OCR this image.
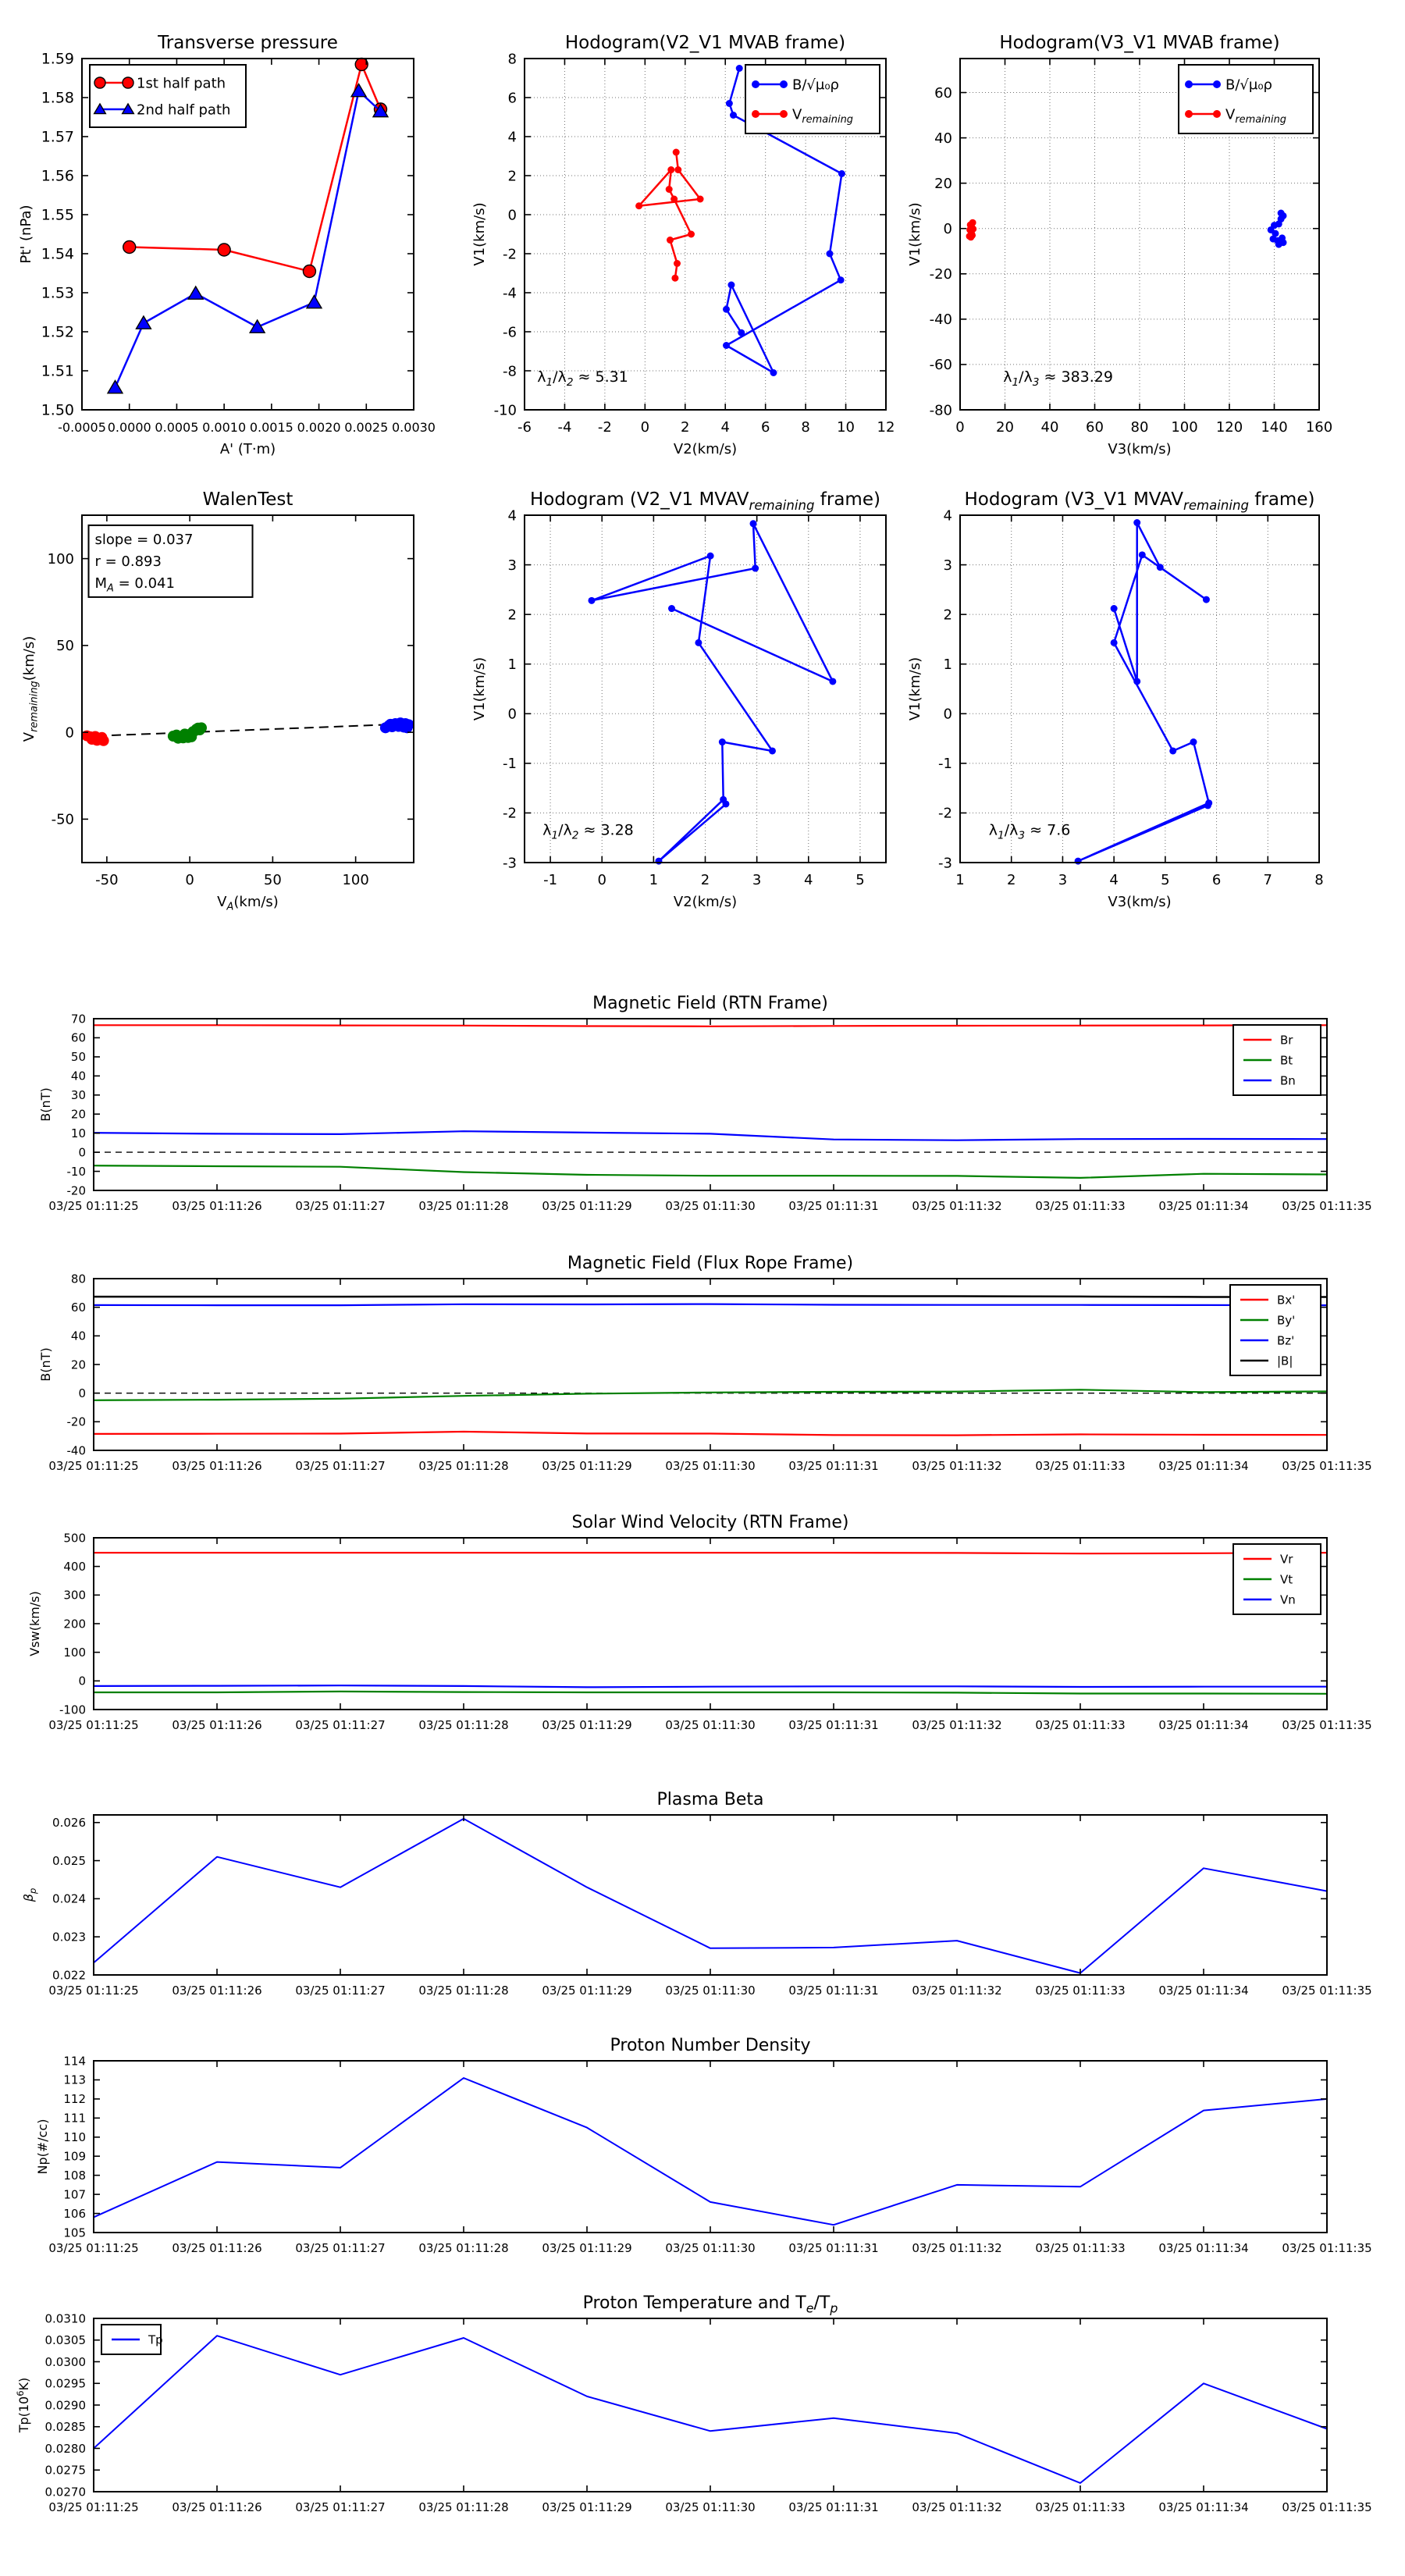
-0.0005 0.0000 0.0005 0.0010 0.0015 0.0020 0.0025 0.0030
1.50
1.51
1.52
1.53
1.54
1.55
1.56
1.57
1.58
1.59
Transverse pressure
A' (T·m)
Pt' (nPa)
1st half path
2nd half path
-6 -4 -2 0 2 4 6 8 10 12
-10
-8
-6
-4
-2
0
2
4
6
8
Hodogram(V2_V1 MVAB frame)
V2(km/s)
V1(km/s)
B/√μ₀ρ
$V_{remaining}$
$\lambda_1/\lambda_2 \approx 5.31$
0 20 40 60 80 100 120 140 160
-80
-60
-40
-20
0
20
40
60
Hodogram(V3_V1 MVAB frame)
V3(km/s)
V1(km/s)
B/√μ₀ρ
$V_{remaining}$
$\lambda_1/\lambda_3 \approx 383.29$
-50	0	50	100
-50
0
50
100
WalenTest
$V_A(km/s)$
$V_{remaining}(km/s)$
slope = 0.037
r = 0.893
$M_A = 0.041$
-1	0	1	2	3	4	5
-3
-2
-1
0
1
2
3
4
Hodogram (V2_V1 $MVAV_{remaining}$ frame)
V2(km/s)
V1(km/s)
$\lambda_1/\lambda_2 \approx 3.28$
1	2	3	4	5	6	7	8
-3
-2
-1
0
1
2
3
4
Hodogram (V3_V1 $MVAV_{remaining}$ frame)
V3(km/s)
V1(km/s)
$\lambda_1/\lambda_3 \approx 7.6$
03/25 01:11:25	03/25 01:11:26	03/25 01:11:27	03/25 01:11:28	03/25 01:11:29	03/25 01:11:30	03/25 01:11:31	03/25 01:11:32	03/25 01:11:33	03/25 01:11:34	03/25 01:11:35
-20
-10
0
10
20
30
40
50
60
70
Magnetic Field (RTN Frame)
B(nT)
Br
Bt
Bn
03/25 01:11:25	03/25 01:11:26	03/25 01:11:27	03/25 01:11:28	03/25 01:11:29	03/25 01:11:30	03/25 01:11:31	03/25 01:11:32	03/25 01:11:33	03/25 01:11:34	03/25 01:11:35
-40
-20
0
20
40
60
80
Magnetic Field (Flux Rope Frame)
B(nT)
Bx'
By'
Bz'
|B|
03/25 01:11:25	03/25 01:11:26	03/25 01:11:27	03/25 01:11:28	03/25 01:11:29	03/25 01:11:30	03/25 01:11:31	03/25 01:11:32	03/25 01:11:33	03/25 01:11:34	03/25 01:11:35
-100
0
100
200
300
400
500
Solar Wind Velocity (RTN Frame)
Vsw(km/s)
Vr
Vt
Vn
03/25 01:11:25	03/25 01:11:26	03/25 01:11:27	03/25 01:11:28	03/25 01:11:29	03/25 01:11:30	03/25 01:11:31	03/25 01:11:32	03/25 01:11:33	03/25 01:11:34	03/25 01:11:35
0.022
0.023
0.024
0.025
0.026
Plasma Beta
$\beta_p$
03/25 01:11:25	03/25 01:11:26	03/25 01:11:27	03/25 01:11:28	03/25 01:11:29	03/25 01:11:30	03/25 01:11:31	03/25 01:11:32	03/25 01:11:33	03/25 01:11:34	03/25 01:11:35
105
106
107
108
109
110
111
112
113
114
Proton Number Density
Np(#/cc)
03/25 01:11:25	03/25 01:11:26	03/25 01:11:27	03/25 01:11:28	03/25 01:11:29	03/25 01:11:30	03/25 01:11:31	03/25 01:11:32	03/25 01:11:33	03/25 01:11:34	03/25 01:11:35
0.0270
0.0275
0.0280
0.0285
0.0290
0.0295
0.0300
0.0305
0.0310
Proton Temperature and $T_e/T_p$
$Tp(10^6K)$
Tp
